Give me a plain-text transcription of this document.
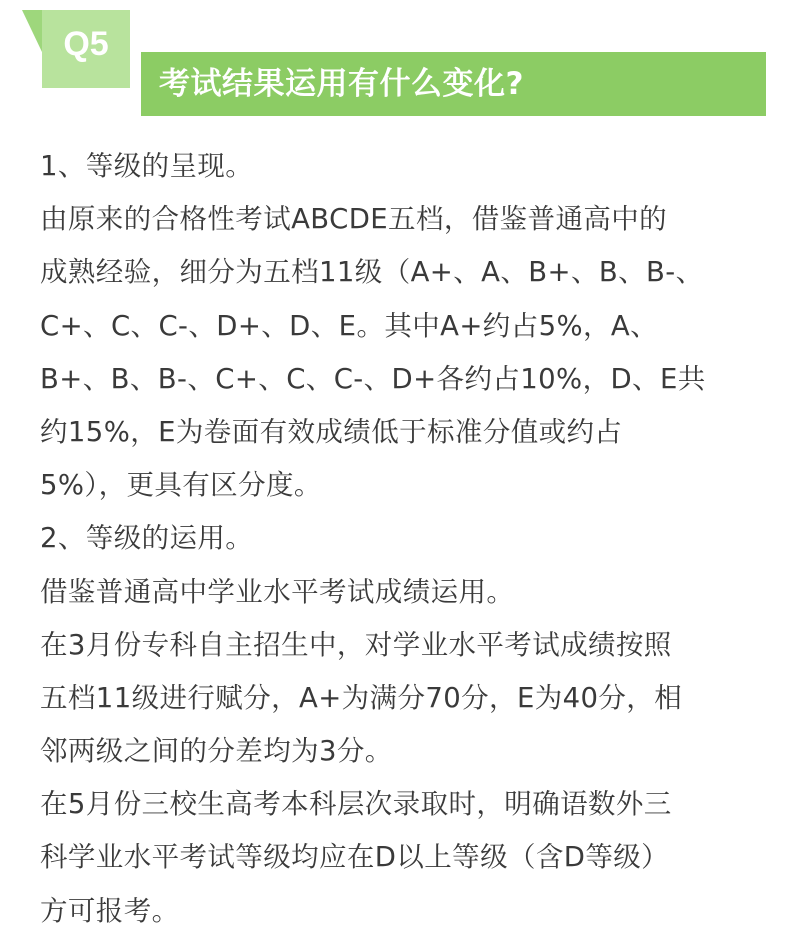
Q5
考试结果运用有什么变化?
1、等级的呈现。
由原来的合格性考试ABCDE五档，借鉴普通高中的
成熟经验，细分为五档11级（A+、A、B+、B、B-、
C+、C、C-、D+、D、E。其中A+约占5%，A、
B+、B、B-、C+、C、C-、D+各约占10%，D、E共
约15%，E为卷面有效成绩低于标准分值或约占
5%），更具有区分度。
2、等级的运用。
借鉴普通高中学业水平考试成绩运用。
在3月份专科自主招生中，对学业水平考试成绩按照
五档11级进行赋分，A+为满分70分，E为40分，相
邻两级之间的分差均为3分。
在5月份三校生高考本科层次录取时，明确语数外三
科学业水平考试等级均应在D以上等级（含D等级）
方可报考。
